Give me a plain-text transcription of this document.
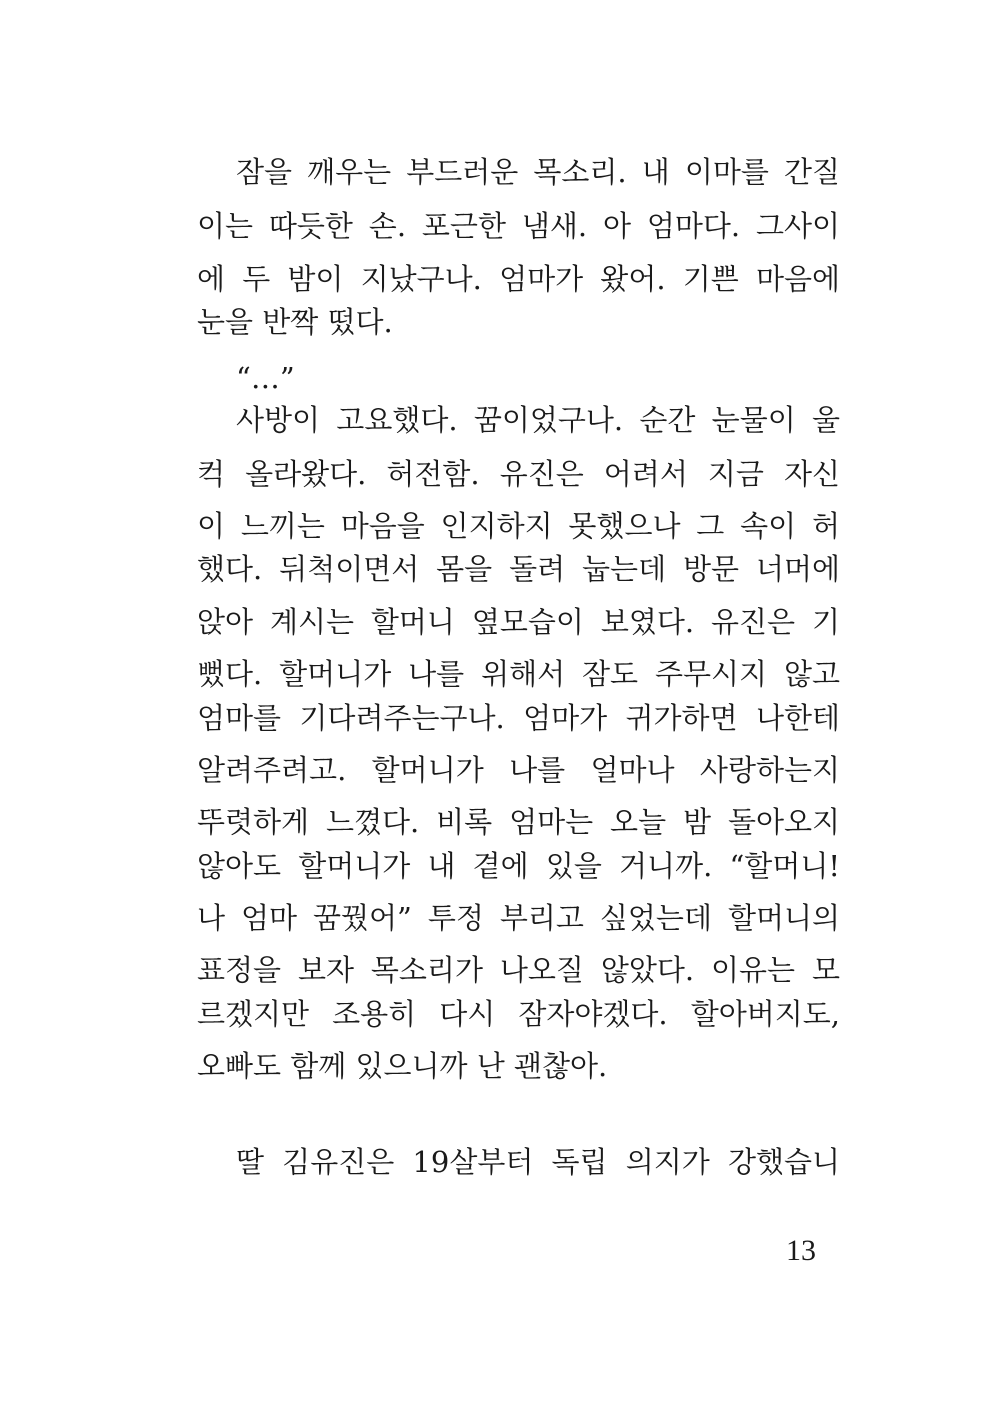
잠을 깨우는 부드러운 목소리. 내 이마를 간질
이는 따듯한 손. 포근한 냄새. 아 엄마다. 그사이
에 두 밤이 지났구나. 엄마가 왔어. 기쁜 마음에
눈을 반짝 떴다.
“…”
사방이 고요했다. 꿈이었구나. 순간 눈물이 울
컥 올라왔다. 허전함. 유진은 어려서 지금 자신
이 느끼는 마음을 인지하지 못했으나 그 속이 허
했다. 뒤척이면서 몸을 돌려 눕는데 방문 너머에
앉아 계시는 할머니 옆모습이 보였다. 유진은 기
뻤다. 할머니가 나를 위해서 잠도 주무시지 않고
엄마를 기다려주는구나. 엄마가 귀가하면 나한테
알려주려고. 할머니가 나를 얼마나 사랑하는지
뚜렷하게 느꼈다. 비록 엄마는 오늘 밤 돌아오지
않아도 할머니가 내 곁에 있을 거니까. “할머니!
나 엄마 꿈꿨어” 투정 부리고 싶었는데 할머니의
표정을 보자 목소리가 나오질 않았다. 이유는 모
르겠지만 조용히 다시 잠자야겠다. 할아버지도,
오빠도 함께 있으니까 난 괜찮아.
딸 김유진은 19살부터 독립 의지가 강했습니
13
